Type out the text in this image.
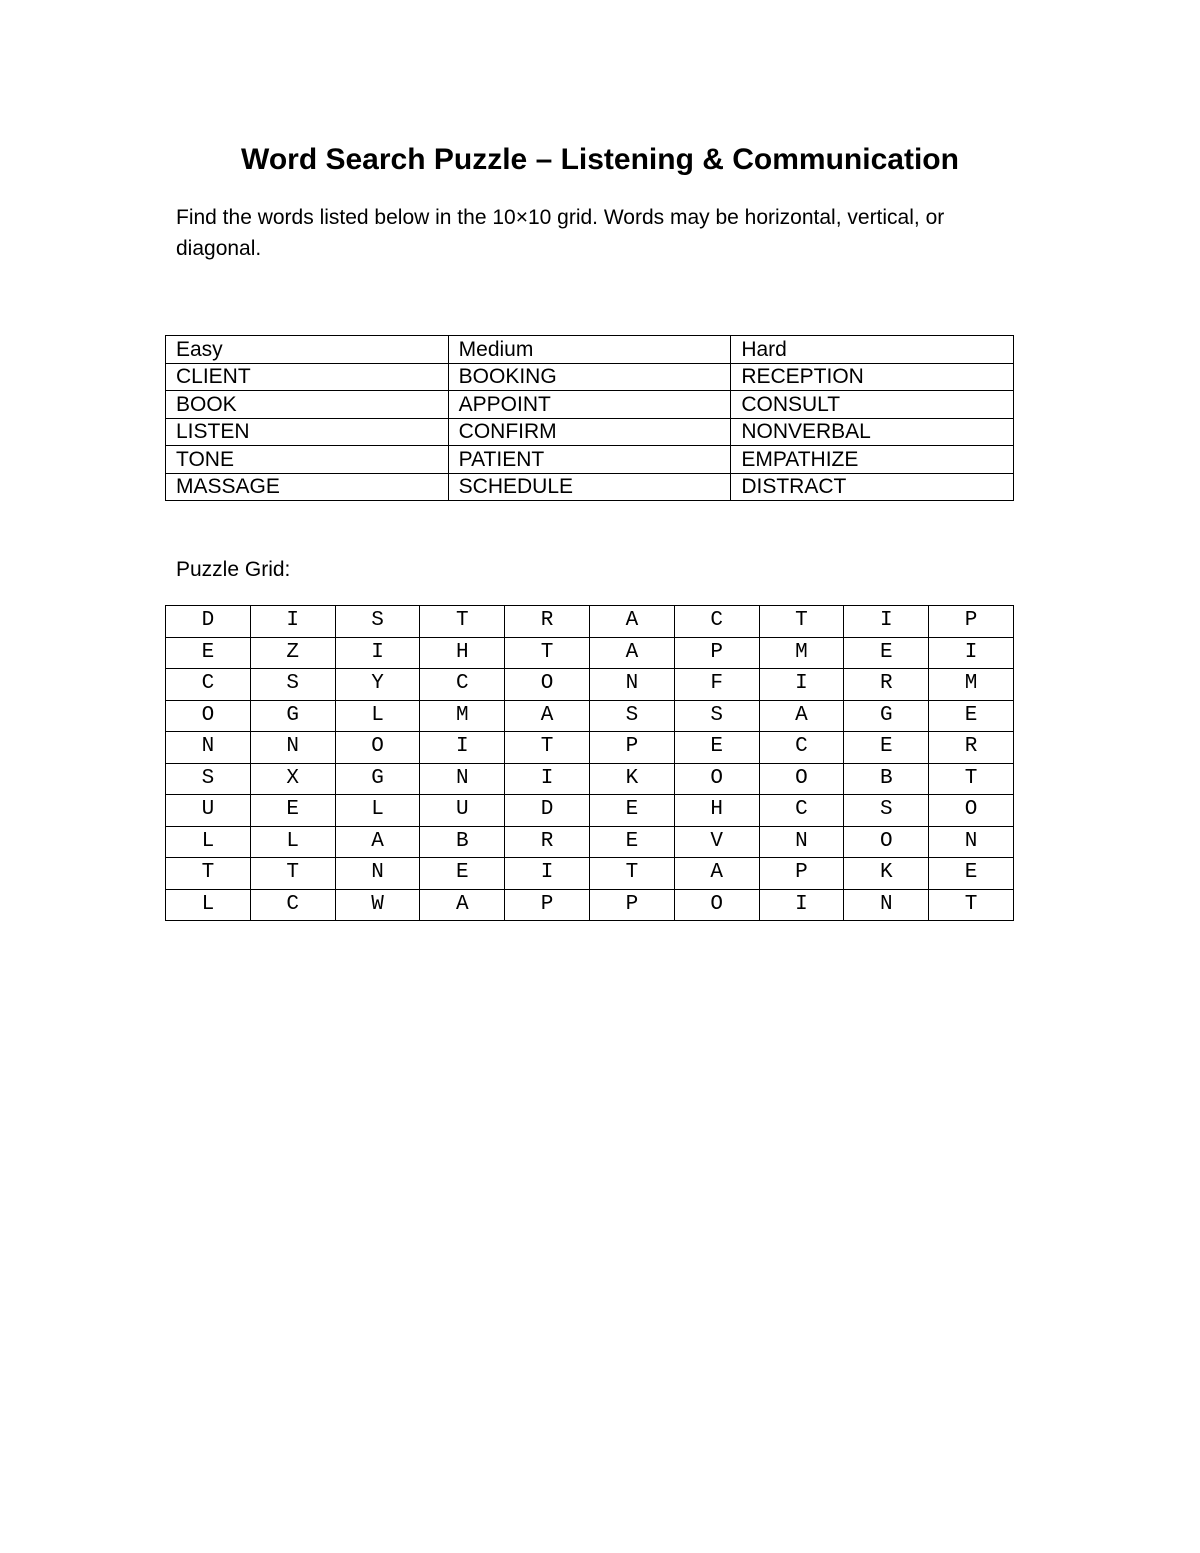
Word Search Puzzle – Listening & Communication

Find the words listed below in the 10×10 grid. Words may be horizontal, vertical, or diagonal.

Easy	Medium	Hard
CLIENT	BOOKING	RECEPTION
BOOK	APPOINT	CONSULT
LISTEN	CONFIRM	NONVERBAL
TONE	PATIENT	EMPATHIZE
MASSAGE	SCHEDULE	DISTRACT

Puzzle Grid:

D	I	S	T	R	A	C	T	I	P
E	Z	I	H	T	A	P	M	E	I
C	S	Y	C	O	N	F	I	R	M
O	G	L	M	A	S	S	A	G	E
N	N	O	I	T	P	E	C	E	R
S	X	G	N	I	K	O	O	B	T
U	E	L	U	D	E	H	C	S	O
L	L	A	B	R	E	V	N	O	N
T	T	N	E	I	T	A	P	K	E
L	C	W	A	P	P	O	I	N	T
